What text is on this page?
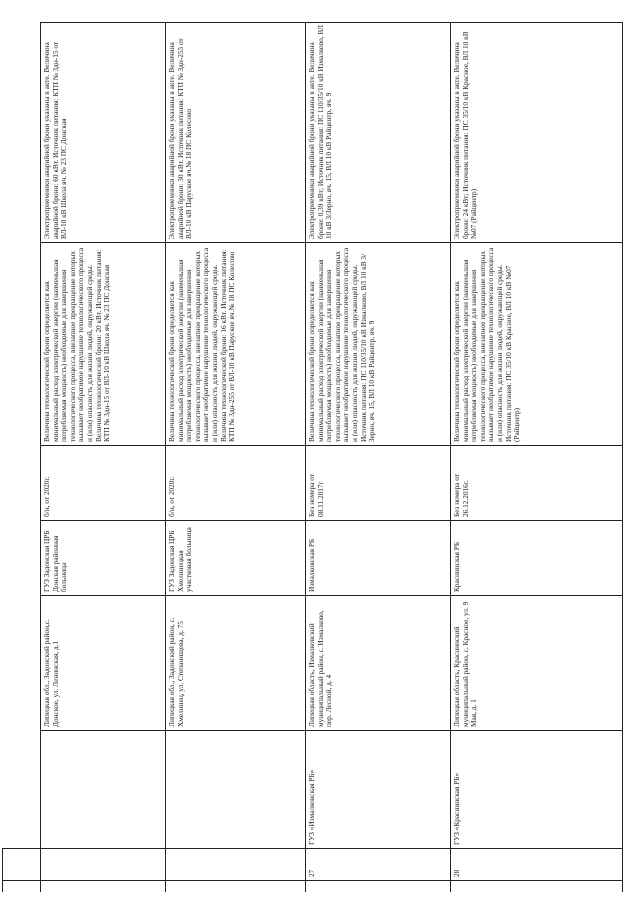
Липецкая обл., Задонский район,с. Донское, ул. Ленинская, д.1
ГУЗ Задонская ЦРБ Донская районная больница
б/н, от 2020г.
Величина технологической брони определяется как минимальный расход электрической энергии (наименьшая потребляемая мощность) необходимые для завершения технологического процесса, внезапное прекращение которых вызывает необратимое нарушение технологического процесса и (или) опасность для жизни людей, окружающей среды. Величина технологической брони: 20 кВт. Источник питания: КТП № 3дн-15 от ВЛ-10 кВ Школа яч. № 23 ПС Донская
Электроприемники аварийной брони указаны в акте. Величина аварийной брони: 60 кВт. Источник питания: КТП № 3дн-15 от ВЛ-10 кВ Школа яч. № 23 ПС Донская
Липецкая обл., Задонский район, с. Хмелинец, ул. Степанищева, д. 75
ГУЗ Задонская ЦРБ Хмелинецкая участковая больница
б/н, от 2020г.
Величина технологической брони определяется как минимальный расход электрической энергии (наименьшая потребляемая мощность) необходимые для завершения технологического процесса, внезапное прекращение которых вызывает необратимое нарушение технологического процесса и (или) опасность для жизни людей, окружающей среды. Величина технологической брони: 16 кВт. Источник питания: КТП № 3дн-255 от ВЛ-10 кВ Паруское яч.№ 18 ПС Колесово
Электроприемники аварийной брони указаны в акте. Величина аварийной брони: 30 кВт. Источник питания: КТП № 3дн-255 от ВЛ-10 кВ Паруское яч.№ 18 ПС Колесово
27
ГУЗ «Измалковская РБ»
Липецкая область, Измалковский муниципальный район, с. Измалково, пер. Лесной, д. 4
Измалковская РБ
Без номера от 08.11.2017г
Величина технологической брони определяется как минимальный расход электрической энергии (наименьшая потребляемая мощность) необходимые для завершения технологического процесса, внезапное прекращение которых вызывает необратимое нарушение технологического процесса и (или) опасность для жизни людей, окружающей среды. Источник питания: ПС 110/35/10 кВ Измалково, ВЛ 10 кВ 3/Зерно, яч. 15, ВЛ 10 кВ Райцентр, яч. 9
Электроприемники аварийной брони указаны в акте. Величина брони: 0,39 кВт; Источник питания: ПС 110/35/10 кВ Измалково, ВЛ 10 кВ 3/Зерно, яч. 15, ВЛ 10 кВ Райцентр, яч. 9
28
ГУЗ «Краснинская РБ»
Липецкая область, Краснинский муниципальный район, с. Красное, ул. 9 Мая, д. 1
Краснинская РБ
Без номера от 26.12.2016г.
Величина технологической брони определяется как минимальный расход электрической энергии (наименьшая потребляемая мощность) необходимые для завершения технологического процесса, внезапное прекращение которых вызывает необратимое нарушение технологического процесса и (или) опасность для жизни людей, окружающей среды. Источник питания: ПС 35/10 кВ Красное, ВЛ 10 кВ №07 (Райцентр)
Электроприемники аварийной брони указаны в акте. Величина брони: 24 кВт; Источник питания: ПС 35/10 кВ Красное, ВЛ 10 кВ №07 (Райцентр)
